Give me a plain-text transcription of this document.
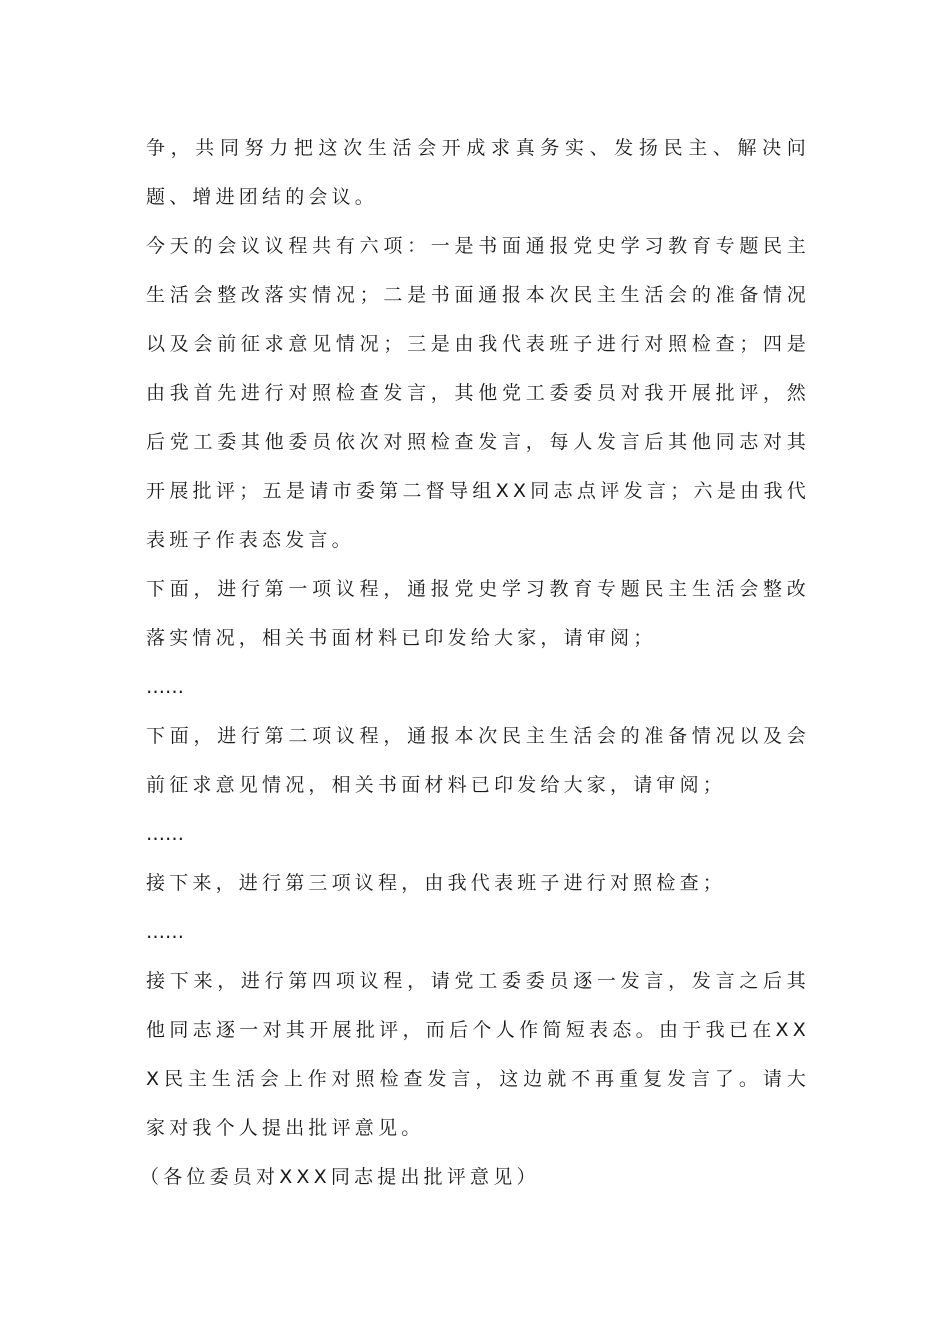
争，共同努力把这次生活会开成求真务实、发扬民主、解决问题、增进团结的会议。

今天的会议议程共有六项：一是书面通报党史学习教育专题民主生活会整改落实情况；二是书面通报本次民主生活会的准备情况以及会前征求意见情况；三是由我代表班子进行对照检查；四是由我首先进行对照检查发言，其他党工委委员对我开展批评，然后党工委其他委员依次对照检查发言，每人发言后其他同志对其开展批评；五是请市委第二督导组XX同志点评发言；六是由我代表班子作表态发言。

下面，进行第一项议程，通报党史学习教育专题民主生活会整改落实情况，相关书面材料已印发给大家，请审阅；

……

下面，进行第二项议程，通报本次民主生活会的准备情况以及会前征求意见情况，相关书面材料已印发给大家，请审阅；

……

接下来，进行第三项议程，由我代表班子进行对照检查；

……

接下来，进行第四项议程，请党工委委员逐一发言，发言之后其他同志逐一对其开展批评，而后个人作简短表态。由于我已在XXX民主生活会上作对照检查发言，这边就不再重复发言了。请大家对我个人提出批评意见。

（各位委员对XXX同志提出批评意见）
